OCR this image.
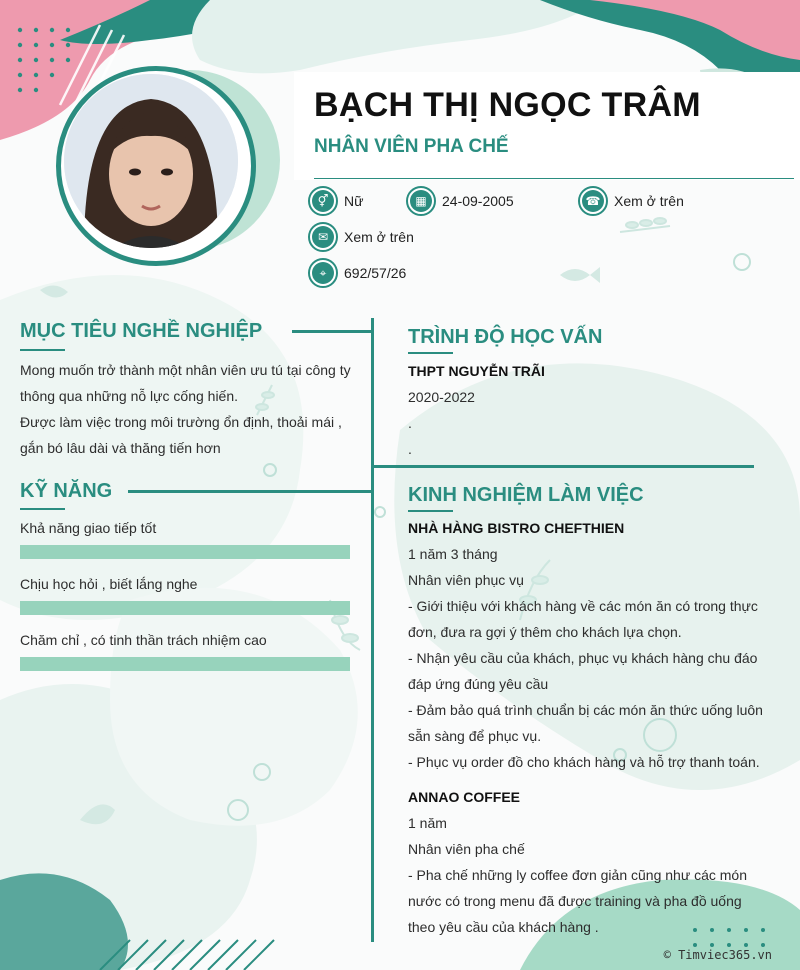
BẠCH THỊ NGỌC TRÂM
NHÂN VIÊN PHA CHẾ
⚥	Nữ	▦	24-09-2005	☎ Xem ở trên
✉	Xem ở trên
⌖	692/57/26
MỤC TIÊU NGHỀ NGHIỆP
Mong muốn trở thành một nhân viên ưu tú tại công ty
thông qua những nỗ lực cống hiến.
Được làm việc trong môi trường ổn định, thoải mái ,
gắn bó lâu dài và thăng tiến hơn
KỸ NĂNG
Khả năng giao tiếp tốt
Chịu học hỏi , biết lắng nghe
Chăm chỉ , có tinh thần trách nhiệm cao
TRÌNH ĐỘ HỌC VẤN
THPT NGUYỄN TRÃI
2020-2022
.
.
KINH NGHIỆM LÀM VIỆC
NHÀ HÀNG BISTRO CHEFTHIEN
1 năm 3 tháng
Nhân viên phục vụ
- Giới thiệu với khách hàng về các món ăn có trong thực
đơn, đưa ra gợi ý thêm cho khách lựa chọn.
- Nhận yêu cầu của khách, phục vụ khách hàng chu đáo
đáp ứng đúng yêu cầu
- Đảm bảo quá trình chuẩn bị các món ăn thức uống luôn
sẵn sàng để phục vụ.
- Phục vụ order đồ cho khách hàng và hỗ trợ thanh toán.
ANNAO COFFEE
1 năm
Nhân viên pha chế
- Pha chế những ly coffee đơn giản cũng như các món
nước có trong menu đã được training và pha đồ uống
theo yêu cầu của khách hàng .
© Timviec365.vn
